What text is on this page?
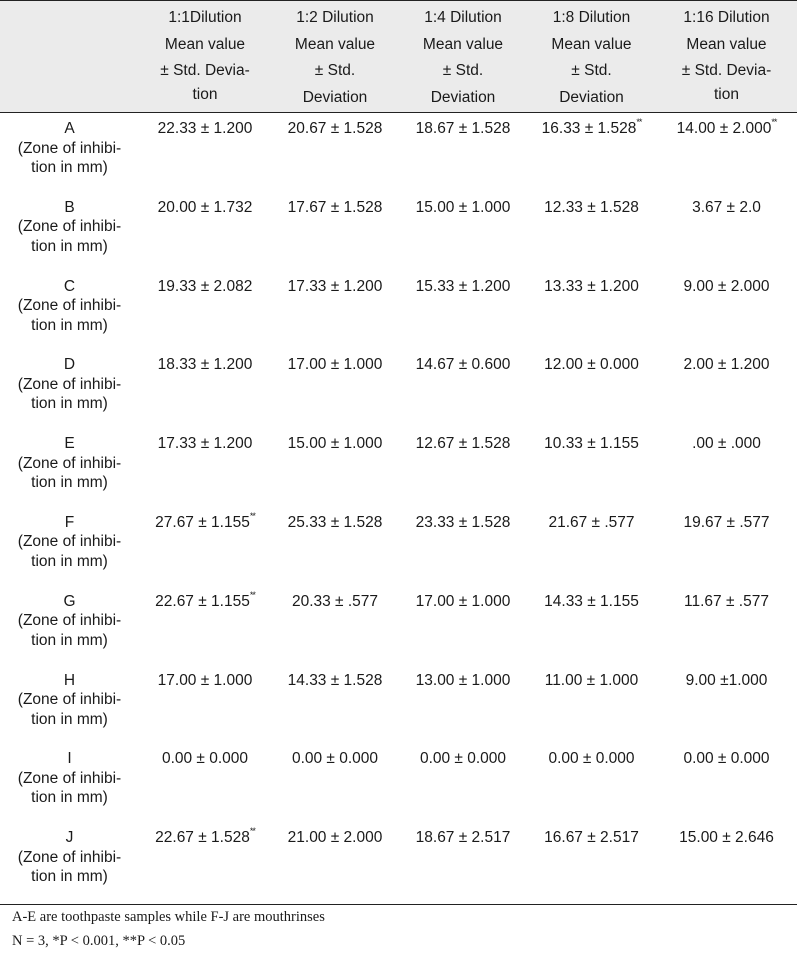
	1:1Dilution
Mean value
± Std. Devia-
tion	1:2 Dilution
Mean value
± Std.
Deviation	1:4 Dilution
Mean value
± Std.
Deviation	1:8 Dilution
Mean value
± Std.
Deviation	1:16 Dilution
Mean value
± Std. Devia-
tion

A
(Zone of inhibi-
tion in mm)	22.33 ± 1.200	20.67 ± 1.528	18.67 ± 1.528	16.33 ± 1.528**	14.00 ± 2.000**

B
(Zone of inhibi-
tion in mm)	20.00 ± 1.732	17.67 ± 1.528	15.00 ± 1.000	12.33 ± 1.528	3.67 ± 2.0

C
(Zone of inhibi-
tion in mm)	19.33 ± 2.082	17.33 ± 1.200	15.33 ± 1.200	13.33 ± 1.200	9.00 ± 2.000

D
(Zone of inhibi-
tion in mm)	18.33 ± 1.200	17.00 ± 1.000	14.67 ± 0.600	12.00 ± 0.000	2.00 ± 1.200

E
(Zone of inhibi-
tion in mm)	17.33 ± 1.200	15.00 ± 1.000	12.67 ± 1.528	10.33 ± 1.155	.00 ± .000

F
(Zone of inhibi-
tion in mm)	27.67 ± 1.155**	25.33 ± 1.528	23.33 ± 1.528	21.67 ± .577	19.67 ± .577

G
(Zone of inhibi-
tion in mm)	22.67 ± 1.155**	20.33 ± .577	17.00 ± 1.000	14.33 ± 1.155	11.67 ± .577

H
(Zone of inhibi-
tion in mm)	17.00 ± 1.000	14.33 ± 1.528	13.00 ± 1.000	11.00 ± 1.000	9.00 ±1.000

I
(Zone of inhibi-
tion in mm)	0.00 ± 0.000	0.00 ± 0.000	0.00 ± 0.000	0.00 ± 0.000	0.00 ± 0.000

J
(Zone of inhibi-
tion in mm)	22.67 ± 1.528**	21.00 ± 2.000	18.67 ± 2.517	16.67 ± 2.517	15.00 ± 2.646
A-E are toothpaste samples while F-J are mouthrinses
N = 3, *P < 0.001, **P < 0.05
